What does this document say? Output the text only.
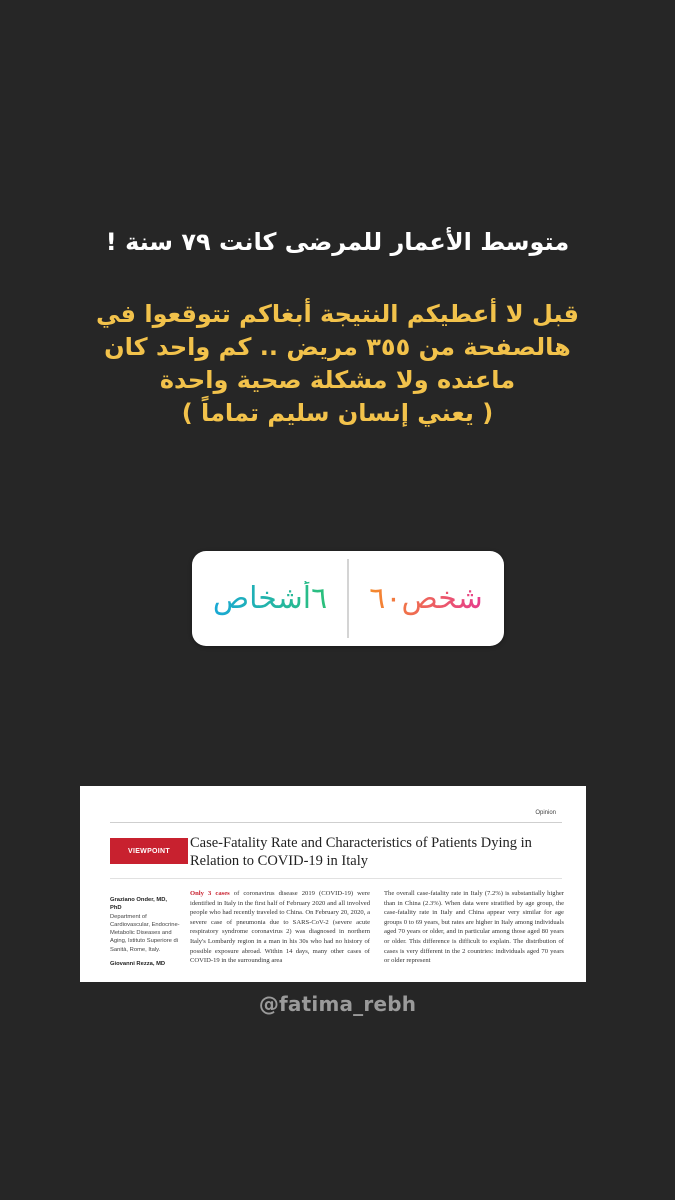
متوسط الأعمار للمرضى كانت ٧٩ سنة !
قبل لا أعطيكم النتيجة أبغاكم تتوقعوا في
هالصفحة من ٣٥٥ مريض .. كم واحد كان
ماعنده ولا مشكلة صحية واحدة
( يعني إنسان سليم تماماً )
٦أشخاص شخص٦٠
Opinion
VIEWPOINT	Case-Fatality Rate and Characteristics of Patients Dying in Relation to COVID-19 in Italy
Graziano Onder, MD, PhD
Department of Cardiovascular, Endocrine-Metabolic Diseases and Aging, Istituto Superiore di Sanità, Rome, Italy.
Giovanni Rezza, MD
Only 3 cases of coronavirus disease 2019 (COVID-19) were identified in Italy in the first half of February 2020 and all involved people who had recently traveled to China. On February 20, 2020, a severe case of pneumonia due to SARS-CoV-2 (severe acute respiratory syndrome coronavirus 2) was diagnosed in northern Italy's Lombardy region in a man in his 30s who had no history of possible exposure abroad. Within 14 days, many other cases of COVID-19 in the surrounding area
The overall case-fatality rate in Italy (7.2%) is substantially higher than in China (2.3%). When data were stratified by age group, the case-fatality rate in Italy and China appear very similar for age groups 0 to 69 years, but rates are higher in Italy among individuals aged 70 years or older, and in particular among those aged 80 years or older. This difference is difficult to explain. The distribution of cases is very different in the 2 countries: individuals aged 70 years or older represent
@fatima_rebh
